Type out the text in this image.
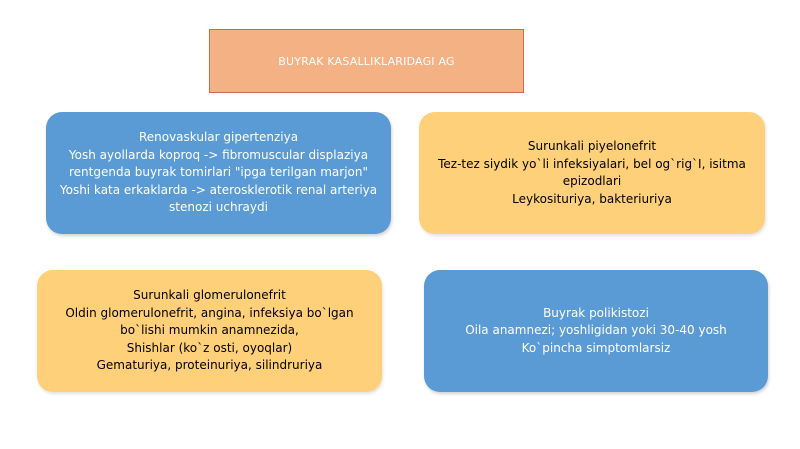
BUYRAK KASALLIKLARIDAGI AG
Renovaskular gipertenziya
Yosh ayollarda koproq -> fibromuscular displaziya
rentgenda buyrak tomirlari "ipga terilgan marjon"
Yoshi kata erkaklarda -> aterosklerotik renal arteriya
stenozi uchraydi
Surunkali piyelonefrit
Tez-tez siydik yo`li infeksiyalari, bel og`rig`I, isitma
epizodlari
Leykosituriya, bakteriuriya
Surunkali glomerulonefrit
Oldin glomerulonefrit, angina, infeksiya bo`lgan
bo`lishi mumkin anamnezida,
Shishlar (ko`z osti, oyoqlar)
Gematuriya, proteinuriya, silindruriya
Buyrak polikistozi
Oila anamnezi; yoshligidan yoki 30-40 yosh
Ko`pincha simptomlarsiz
